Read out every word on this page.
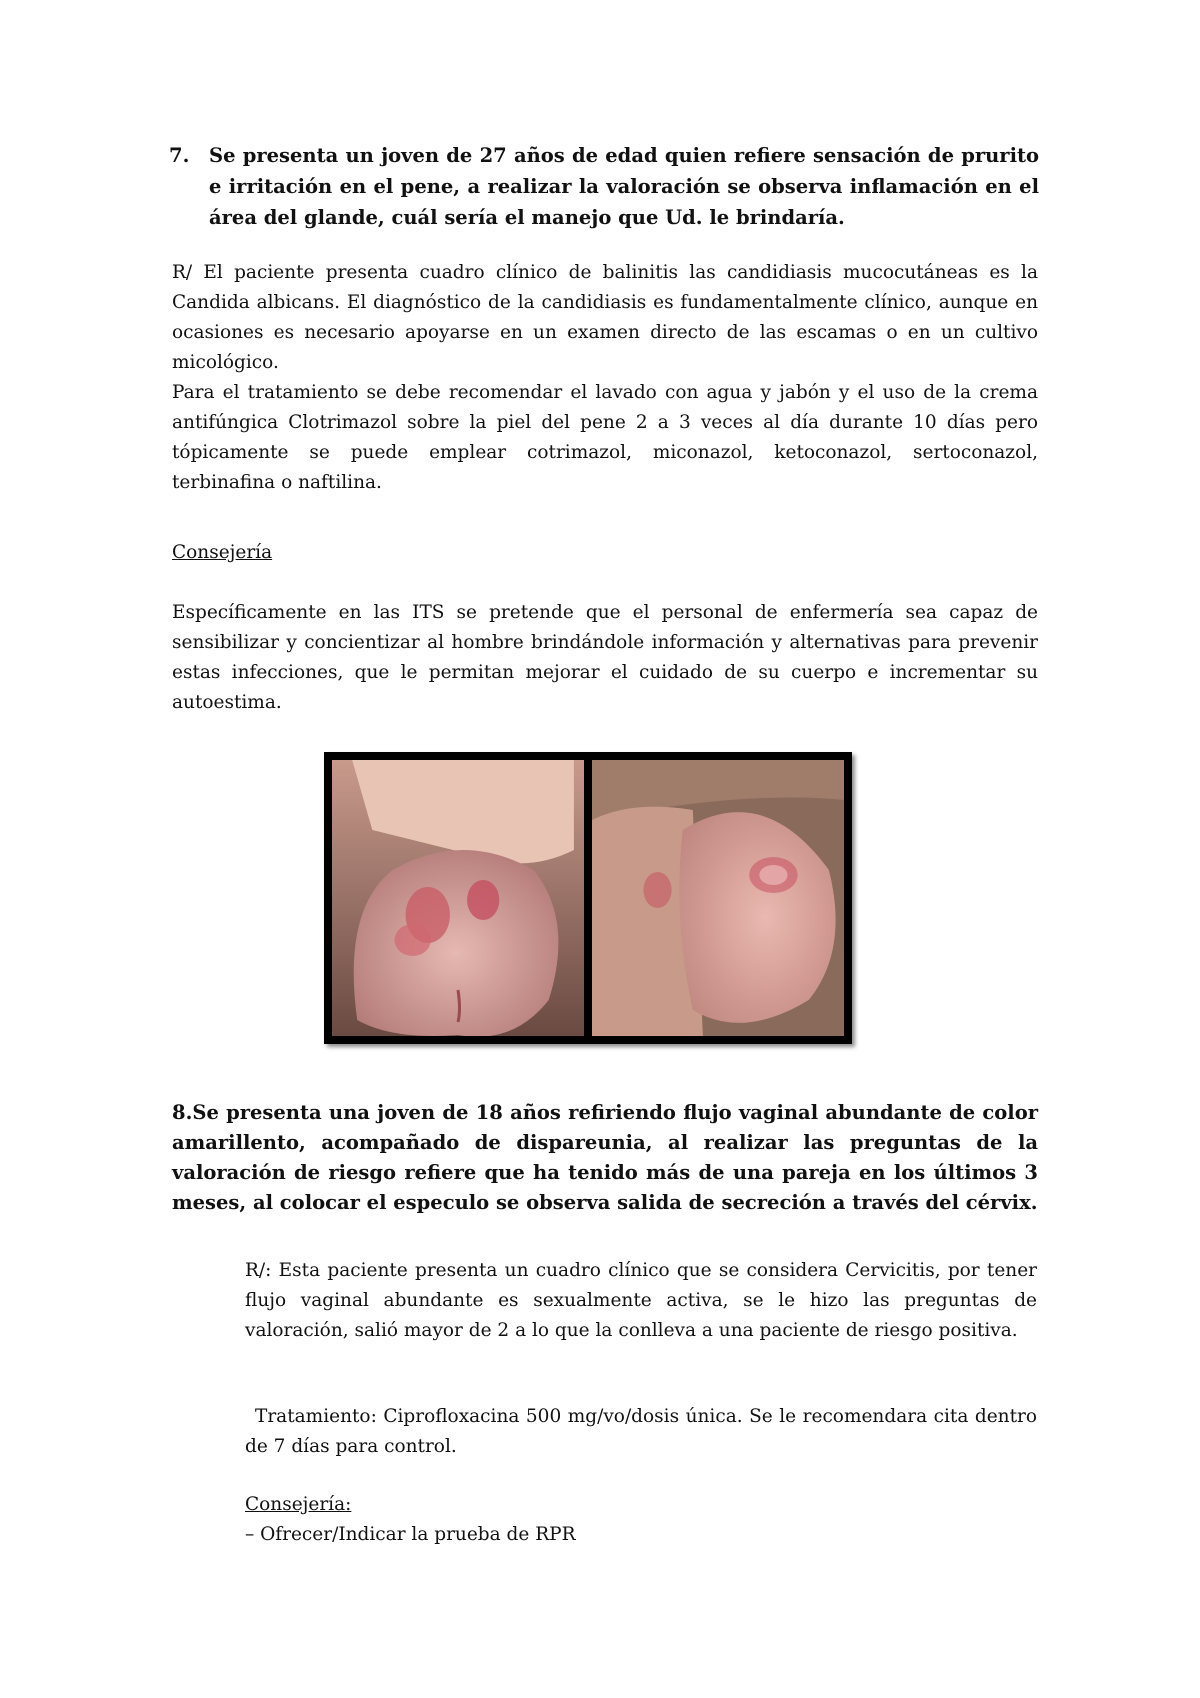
7. Se presenta un joven de 27 años de edad quien refiere sensación de prurito e irritación en el pene, a realizar la valoración se observa inflamación en el área del glande, cuál sería el manejo que Ud. le brindaría.

R/ El paciente presenta cuadro clínico de balinitis las candidiasis mucocutáneas es la Candida albicans. El diagnóstico de la candidiasis es fundamentalmente clínico, aunque en ocasiones es necesario apoyarse en un examen directo de las escamas o en un cultivo micológico.

Para el tratamiento se debe recomendar el lavado con agua y jabón y el uso de la crema antifúngica Clotrimazol sobre la piel del pene 2 a 3 veces al día durante 10 días pero tópicamente se puede emplear cotrimazol, miconazol, ketoconazol, sertoconazol, terbinafina o naftilina.

Consejería

Específicamente en las ITS se pretende que el personal de enfermería sea capaz de sensibilizar y concientizar al hombre brindándole información y alternativas para prevenir estas infecciones, que le permitan mejorar el cuidado de su cuerpo e incrementar su autoestima.

8.Se presenta una joven de 18 años refiriendo flujo vaginal abundante de color amarillento, acompañado de dispareunia, al realizar las preguntas de la valoración de riesgo refiere que ha tenido más de una pareja en los últimos 3 meses, al colocar el especulo se observa salida de secreción a través del cérvix.

R/: Esta paciente presenta un cuadro clínico que se considera Cervicitis, por tener flujo vaginal abundante es sexualmente activa, se le hizo las preguntas de valoración, salió mayor de 2 a lo que la conlleva a una paciente de riesgo positiva.

Tratamiento: Ciprofloxacina 500 mg/vo/dosis única. Se le recomendara cita dentro de 7 días para control.

Consejería:

– Ofrecer/Indicar la prueba de RPR
